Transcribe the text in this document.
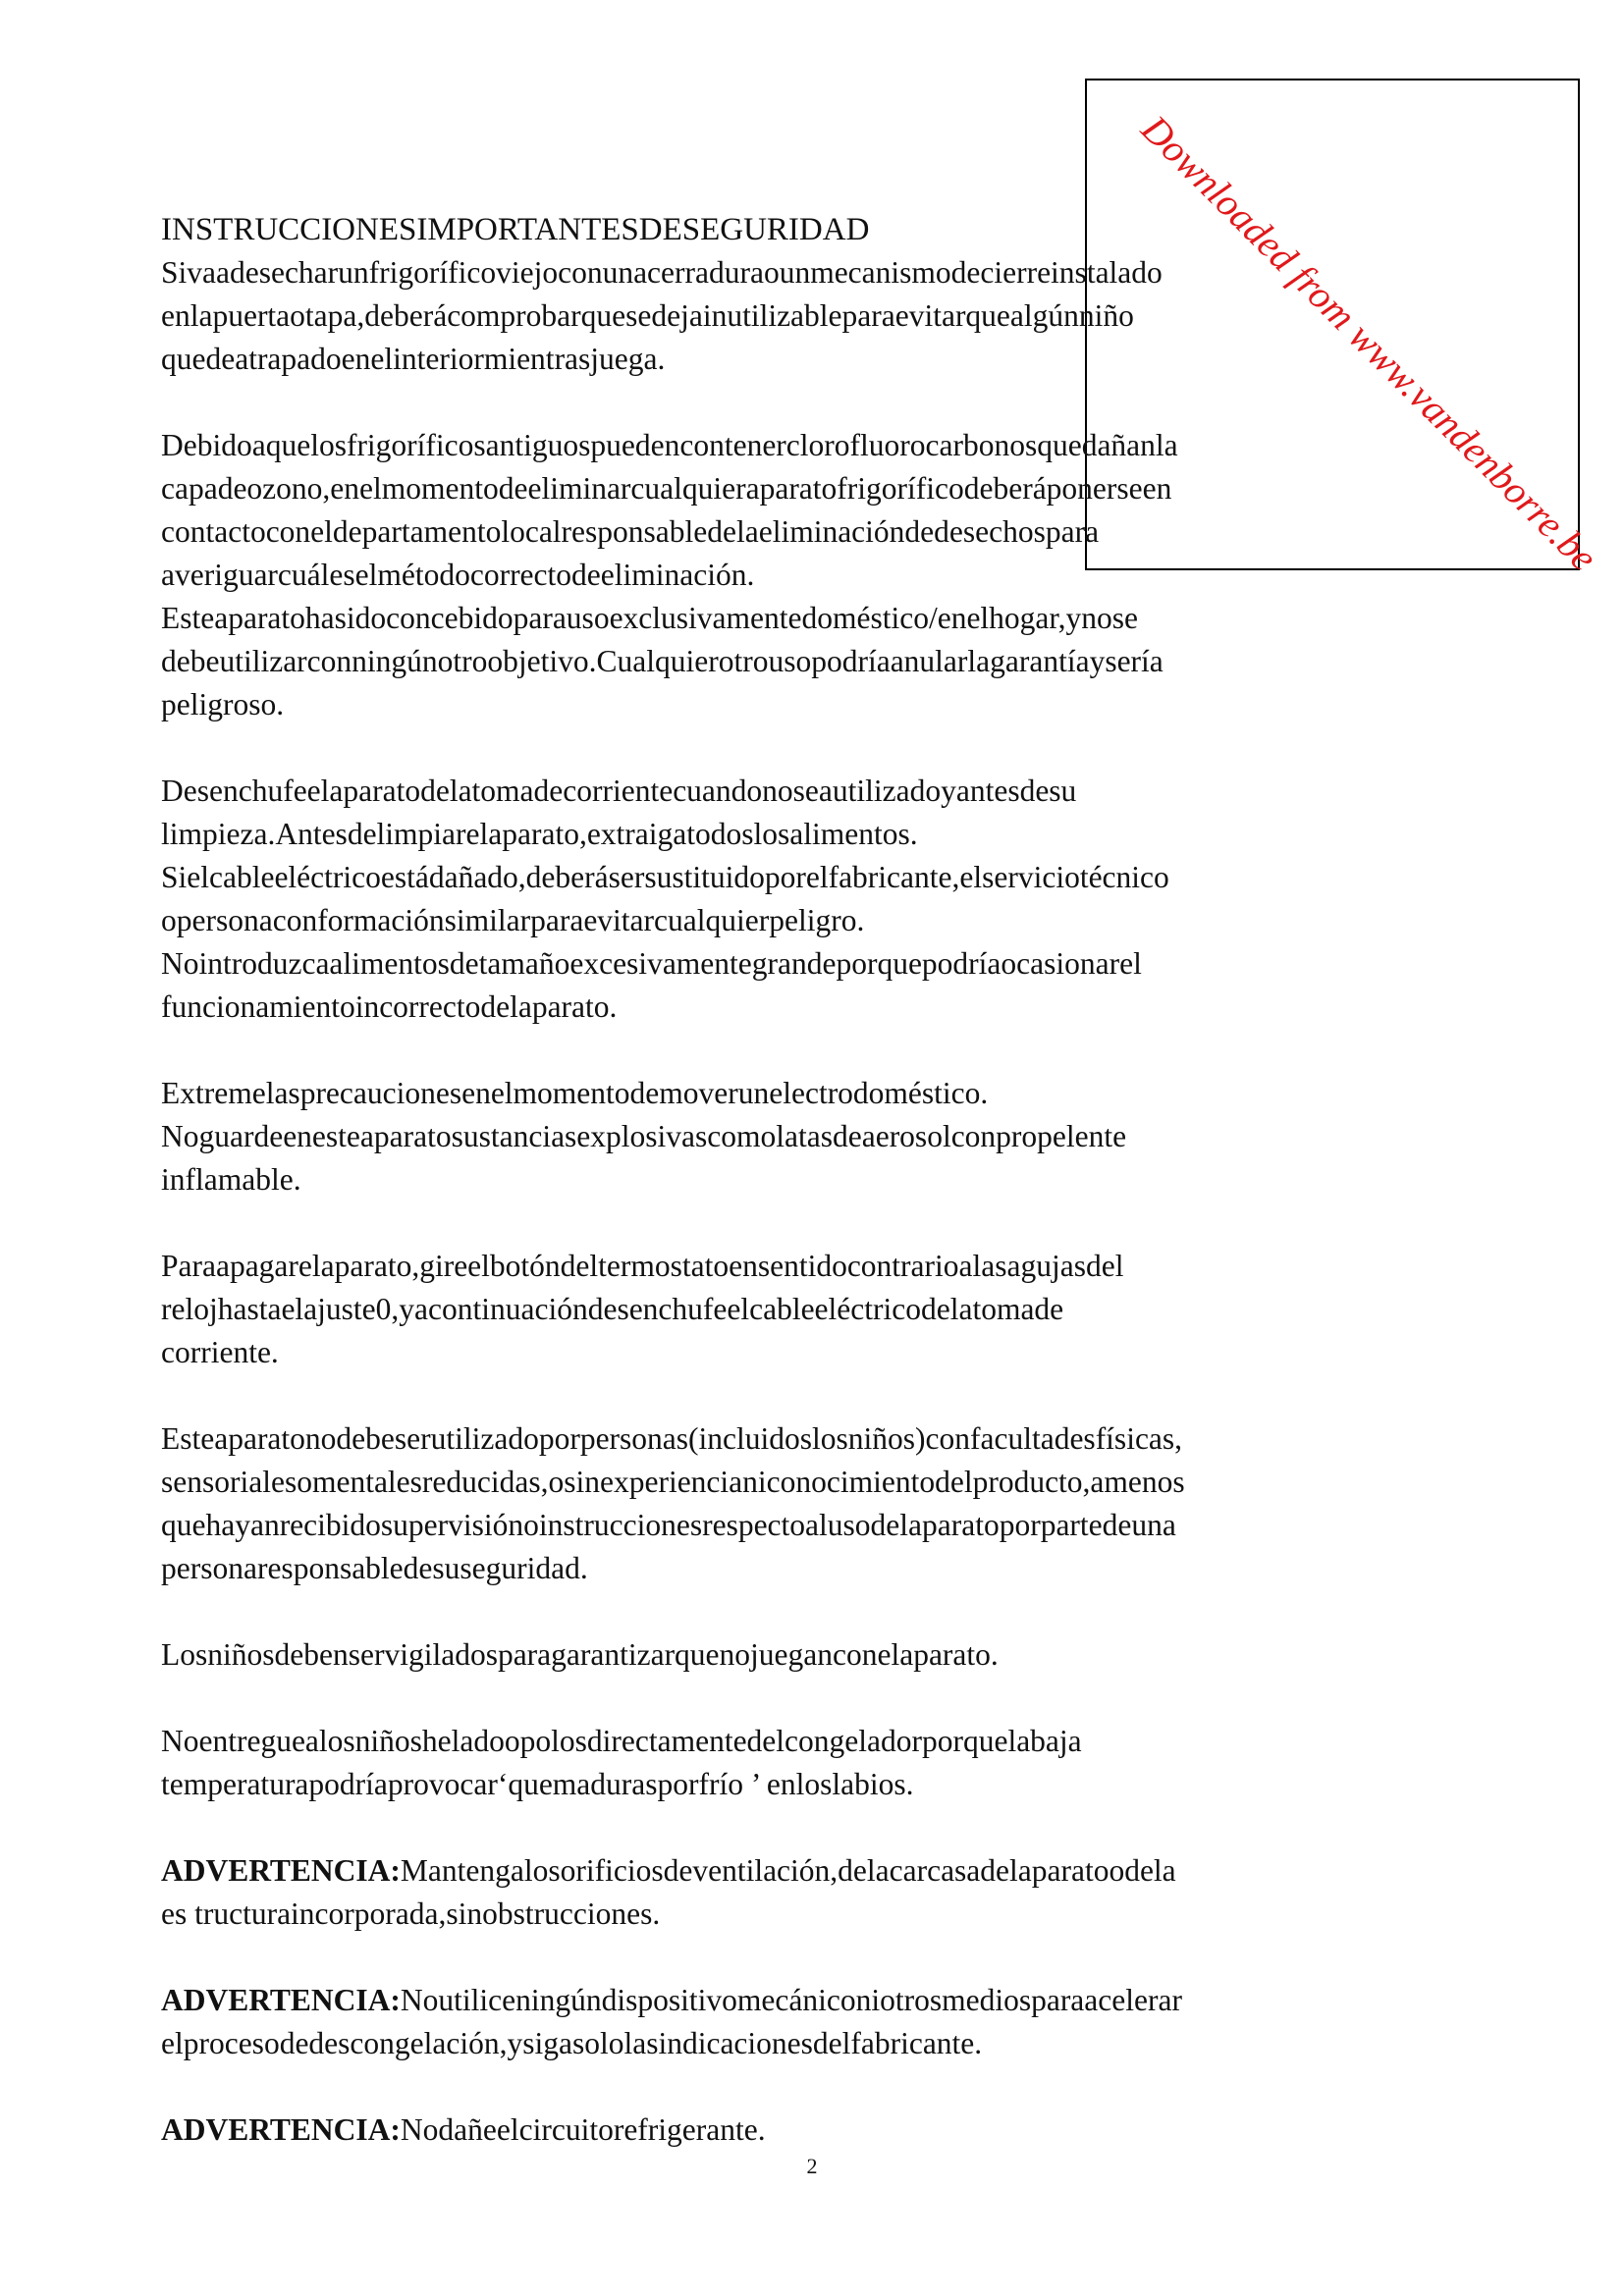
Downloaded from www.vandenborre.be

INSTRUCCIONESIMPORTANTESDESEGURIDAD

Sivaadesecharunfrigoríficoviejoconunacerraduraounmecanismodecierreinstalado
enlapuertaotapa,deberácomprobarquesedejainutilizableparaevitarquealgúnniño
quedeatrapadoenelinteriormientrasjuega.

Debidoaquelosfrigoríficosantiguospuedencontenerclorofluorocarbonosquedañanla
capadeozono,enelmomentodeeliminarcualquieraparatofrigoríficodeberáponerseen
contactoconeldepartamentolocalresponsabledelaeliminacióndedesechospara
averiguarcuáleselmétodocorrectodeeliminación.
Esteaparatohasidoconcebidoparausoexclusivamentedoméstico/enelhogar,ynose
debeutilizarconningúnotroobjetivo.Cualquierotrousopodríaanularlagarantíaysería
peligroso.

Desenchufeelaparatodelatomadecorrientecuandonoseautilizadoyantesdesu
limpieza.Antesdelimpiarelaparato,extraigatodoslosalimentos.
Sielcableeléctricoestádañado,deberásersustituidoporelfabricante,elserviciotécnico
opersonaconformaciónsimilarparaevitarcualquierpeligro.
Nointroduzcaalimentosdetamañoexcesivamentegrandeporquepodríaocasionarel
funcionamientoincorrectodelaparato.

Extremelasprecaucionesenelmomentodemoverunelectrodoméstico.
Noguardeenesteaparatosustanciasexplosivascomolatasdeaerosolconpropelente
inflamable.

Paraapagarelaparato,gireelbotóndeltermostatoensentidocontrarioalasagujasdel
relojhastaelajuste0,yacontinuacióndesenchufeelcableeléctricodelatomade
corriente.

Esteaparatonodebeserutilizadoporpersonas(incluidoslosniños)confacultadesfísicas,
sensorialesomentalesreducidas,osinexperiencianiconocimientodelproducto,amenos
quehayanrecibidosupervisiónoinstruccionesrespectoalusodelaparatoporpartedeuna
personaresponsabledesuseguridad.

Losniñosdebenservigiladosparagarantizarquenojueganconelaparato.

Noentreguealosniñosheladoopolosdirectamentedelcongeladorporquelabaja
temperaturapodríaprovocar‘quemadurasporfrío ’ enloslabios.

ADVERTENCIA:Mantengalosorificiosdeventilación,delacarcasadelaparatoodela
es tructuraincorporada,sinobstrucciones.

ADVERTENCIA:Noutiliceningúndispositivomecániconiotrosmediosparaacelerar
elprocesodedescongelación,ysigasololasindicacionesdelfabricante.

ADVERTENCIA:Nodañeelcircuitorefrigerante.

2
